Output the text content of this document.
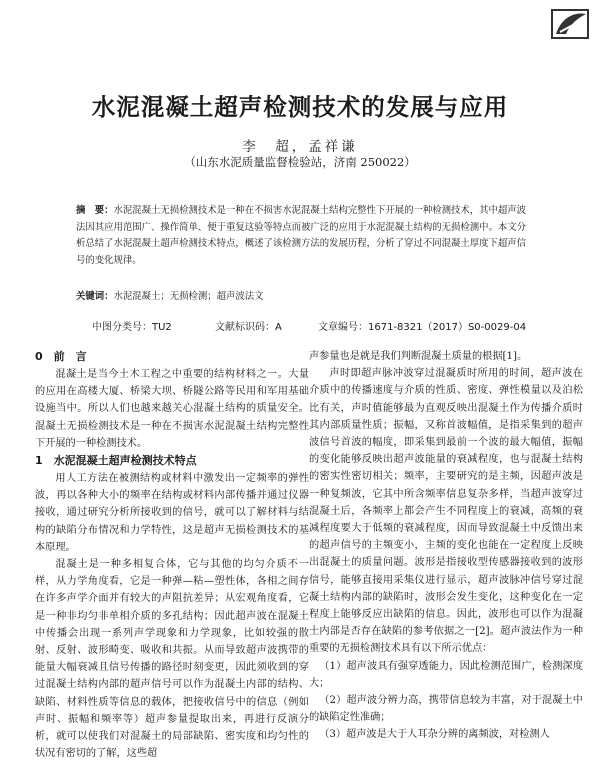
水泥混凝土超声检测技术的发展与应用
李　超，孟祥谦
（山东水泥质量监督检验站，济南 250022）
摘　要：水泥混凝土无损检测技术是一种在不损害水泥混凝土结构完整性下开展的一种检测技术，其中超声波法因其应用范围广、操作简单、便于重复这验等特点而被广泛的应用于水泥混凝土结构的无损检测中。本文分析总结了水泥混凝土超声检测技术特点，概述了该检测方法的发展历程，分析了穿过不同混凝土厚度下超声信号的变化规律。
关键词：水泥混凝土；无损检测；超声波法文
中图分类号：TU2	文献标识码：A	文章编号：1671-8321（2017）S0-0029-04
0　前　言

混凝土是当今土木工程之中重要的结构材料之一。大量的应用在高楼大厦、桥梁大坝、桥隧公路等民用和军用基础设施当中。所以人们也越来越关心混凝土结构的质量安全。混凝土无损检测技术是一种在不损害水泥混凝土结构完整性下开展的一种检测技术。

1　水泥混凝土超声检测技术特点

用人工方法在被测结构或材料中激发出一定频率的弹性波，再以各种大小的频率在结构或材料内部传播并通过仪器接收，通过研究分析所接收到的信号，就可以了解材料与结构的缺陷分布情况和力学特性，这是超声无损检测技术的基本原理。

混凝土是一种多相复合体，它与其他的均匀介质不一样，从力学角度看，它是一种弹—粘—塑性体，各相之间存在许多声学介面并有较大的声阻抗差异；从宏观角度看，它是一种非均匀非单相介质的多孔结构；因此超声波在混凝土中传播会出现一系列声学现象和力学现象，比如较强的散射、反射、波形畸变、吸收和共振。从而导致超声波携带的能量大幅衰减且信号传播的路径时刻变更，因此须收到的穿过混凝土结构内部的超声信号可以作为混凝土内部的结构、缺陷、材料性质等信息的载体，把接收信号中的信息（例如声时、振幅和频率等）超声参量提取出来，再进行反演分析，就可以使我们对混凝土的局部缺陷、密实度和均匀性的状况有密切的了解，这些超

声参量也是就是我们判断混凝土质量的根据[1]。

声时即超声脉冲波穿过混凝质时所用的时间，超声波在介质中的传播速度与介质的性质、密度、弹性模量以及泊松比有关，声时值能够最为直观反映出混凝土作为传播介质时其内部质量性质；振幅，又称首波幅值，是指采集到的超声波信号首波的幅度，即采集到最前一个波的最大幅值，振幅的变化能够反映出超声波能量的衰减程度，也与混凝土结构的密实性密切相关；频率，主要研究的是主频，因超声波是一种复频波，它其中所含频率信息复杂多样，当超声波穿过混凝土后，各频率上都会产生不同程度上的衰减，高频的衰减程度要大于低频的衰减程度，因而导致混凝土中反馈出来的超声信号的主频变小，主频的变化也能在一定程度上反映出混凝土的质量问题。波形是指接收型传感器接收到的波形信号，能够直接用采集仪进行显示，超声波脉冲信号穿过混凝土结构内部的缺陷时，波形会发生变化，这种变化在一定程度上能够反应出缺陷的信息。因此，波形也可以作为混凝土内部是否存在缺陷的参考依据之一[2]。超声波法作为一种重要的无损检测技术具有以下所示优点：

（1）超声波具有强穿透能力，因此检测范围广，检测深度大；

（2）超声波分辨力高，携带信息较为丰富，对于混凝土中的缺陷定性准确；

（3）超声波是大于人耳杂分辨的离频波，对检测人
